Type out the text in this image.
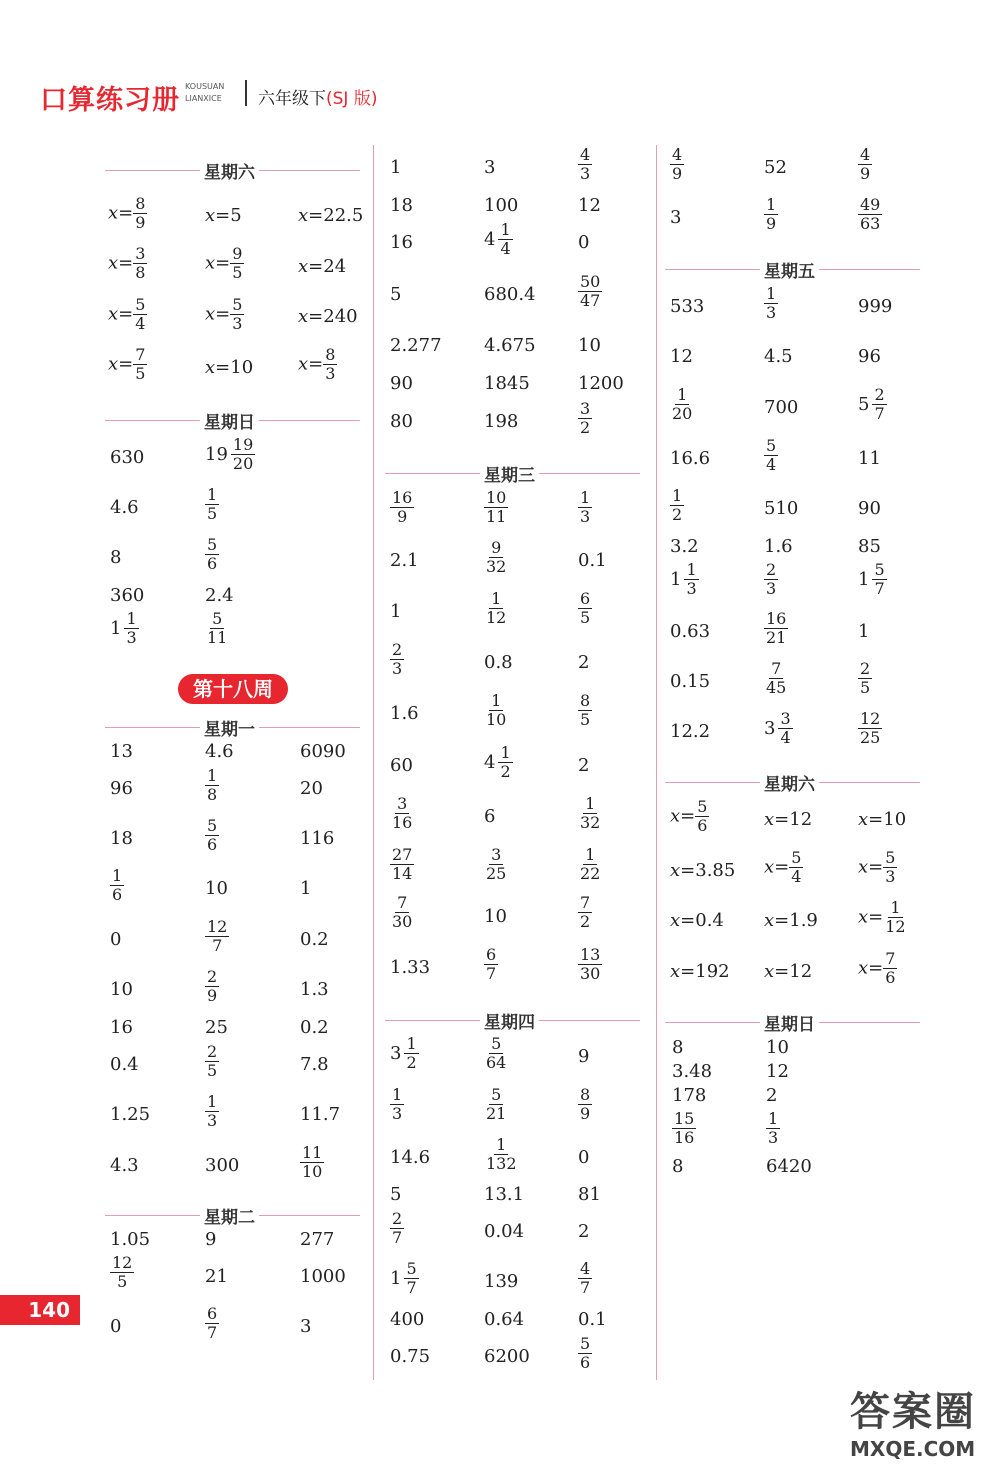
口算练习册 KOUSUAN
LIANXICE 六年级下(SJ 版)
星期六
$x= \frac{8}{9}$	x=5	x=22.5
$x= \frac{3}{8}$	$x= \frac{9}{5}$	x=24
$x= \frac{5}{4}$	$x= \frac{5}{3}$	x=240
$x= \frac{7}{5}$	x=10 $x= \frac{8}{3}$
星期日
630	$19 \frac{19}{20}$
4.6	$\frac{1}{5}$
8	$\frac{5}{6}$
360	2.4
$1 \frac{1}{3}$	$\frac{5}{11}$
第十八周
星期一
13	4.6	6090
96	$\frac{1}{8}$	20
18	$\frac{5}{6}$	116
$\frac{1}{6}$	10	1
0	$\frac{12}{7}$	0.2
10	$\frac{2}{9}$	1.3
16	25	0.2
0.4	$\frac{2}{5}$	7.8
1.25	$\frac{1}{3}$	11.7
4.3	300	$\frac{11}{10}$
星期二
1.05	9	277
$\frac{12}{5}$	21	1000
0	$\frac{6}{7}$	3
140
1	3	$\frac{4}{3}$
18	100	12
16	$4 \frac{1}{4}$	0
5	680.4	$\frac{50}{47}$
2.277 4.675 10
90	1845	1200
80	198	$\frac{3}{2}$
星期三
$\frac{16}{9}$	$\frac{10}{11}$	$\frac{1}{3}$
2.1	$\frac{9}{32}$	0.1
1	$\frac{1}{12}$	$\frac{6}{5}$
$\frac{2}{3}$	0.8	2
1.6	$\frac{1}{10}$	$\frac{8}{5}$
60	$4 \frac{1}{2}$	2
$\frac{3}{16}$	6	$\frac{1}{32}$
$\frac{27}{14}$	$\frac{3}{25}$	$\frac{1}{22}$
$\frac{7}{30}$	10	$\frac{7}{2}$
1.33	$\frac{6}{7}$	$\frac{13}{30}$
星期四
$3 \frac{1}{2}$	$\frac{5}{64}$	9
$\frac{1}{3}$	$\frac{5}{21}$	$\frac{8}{9}$
14.6	$\frac{1}{132}$	0
5	13.1	81
$\frac{2}{7}$	0.04	2
$1 \frac{5}{7}$	139	$\frac{4}{7}$
400	0.64	0.1
0.75	6200	$\frac{5}{6}$
$\frac{4}{9}$	52	$\frac{4}{9}$
3	$\frac{1}{9}$	$\frac{49}{63}$
星期五
533	$\frac{1}{3}$	999
12	4.5	96
$\frac{1}{20}$	700	$5 \frac{2}{7}$
16.6	$\frac{5}{4}$	11
$\frac{1}{2}$	510	90
3.2	1.6	85
$1 \frac{1}{3}$	$\frac{2}{3}$	$1 \frac{5}{7}$
0.63	$\frac{16}{21}$	1
0.15	$\frac{7}{45}$	$\frac{2}{5}$
12.2	$3 \frac{3}{4}$	$\frac{12}{25}$
星期六
$x= \frac{5}{6}$	x=12	x=10
x=3.85 $x= \frac{5}{4}$	$x= \frac{5}{3}$
x=0.4 x=1.9 $x= \frac{1}{12}$
x=192 x=12	$x= \frac{7}{6}$
星期日
8	10
3.48	12
178	2
$\frac{15}{16}$	$\frac{1}{3}$
8	6420
答案圈
MXQE.COM
